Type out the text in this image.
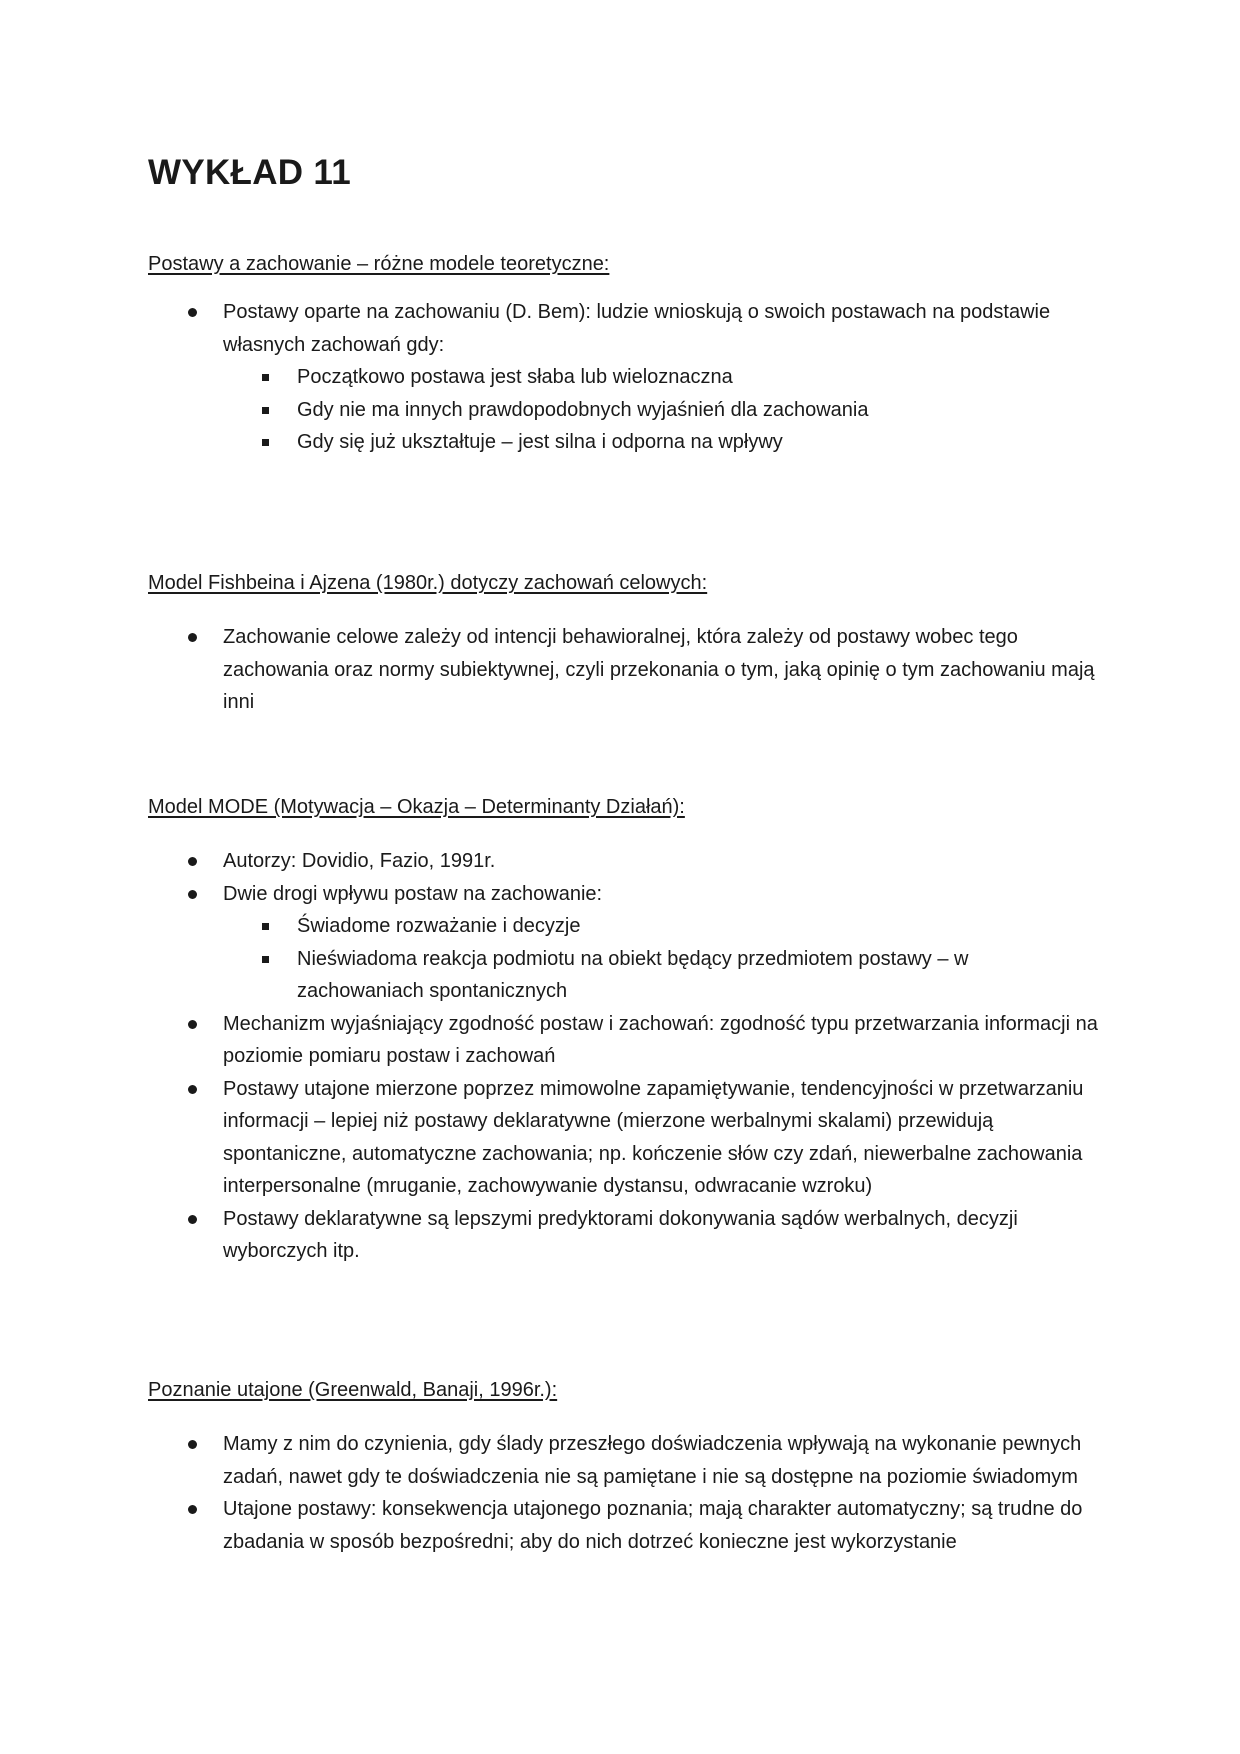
WYKŁAD 11
Postawy a zachowanie – różne modele teoretyczne:
Postawy oparte na zachowaniu (D. Bem): ludzie wnioskują o swoich postawach na podstawie własnych zachowań gdy:
Początkowo postawa jest słaba lub wieloznaczna
Gdy nie ma innych prawdopodobnych wyjaśnień dla zachowania
Gdy się już ukształtuje – jest silna i odporna na wpływy
Model Fishbeina i Ajzena (1980r.) dotyczy zachowań celowych:
Zachowanie celowe zależy od intencji behawioralnej, która zależy od postawy wobec tego zachowania oraz normy subiektywnej, czyli przekonania o tym, jaką opinię o tym zachowaniu mają inni
Model MODE (Motywacja – Okazja – Determinanty Działań):
Autorzy: Dovidio, Fazio, 1991r.
Dwie drogi wpływu postaw na zachowanie:
Świadome rozważanie i decyzje
Nieświadoma reakcja podmiotu na obiekt będący przedmiotem postawy – w zachowaniach spontanicznych
Mechanizm wyjaśniający zgodność postaw i zachowań: zgodność typu przetwarzania informacji na poziomie pomiaru postaw i zachowań
Postawy utajone mierzone poprzez mimowolne zapamiętywanie, tendencyjności w przetwarzaniu informacji – lepiej niż postawy deklaratywne (mierzone werbalnymi skalami) przewidują spontaniczne, automatyczne zachowania; np. kończenie słów czy zdań, niewerbalne zachowania interpersonalne (mruganie, zachowywanie dystansu, odwracanie wzroku)
Postawy deklaratywne są lepszymi predyktorami dokonywania sądów werbalnych, decyzji wyborczych itp.
Poznanie utajone (Greenwald, Banaji, 1996r.):
Mamy z nim do czynienia, gdy ślady przeszłego doświadczenia wpływają na wykonanie pewnych zadań, nawet gdy te doświadczenia nie są pamiętane i nie są dostępne na poziomie świadomym
Utajone postawy: konsekwencja utajonego poznania; mają charakter automatyczny; są trudne do zbadania w sposób bezpośredni; aby do nich dotrzeć konieczne jest wykorzystanie
